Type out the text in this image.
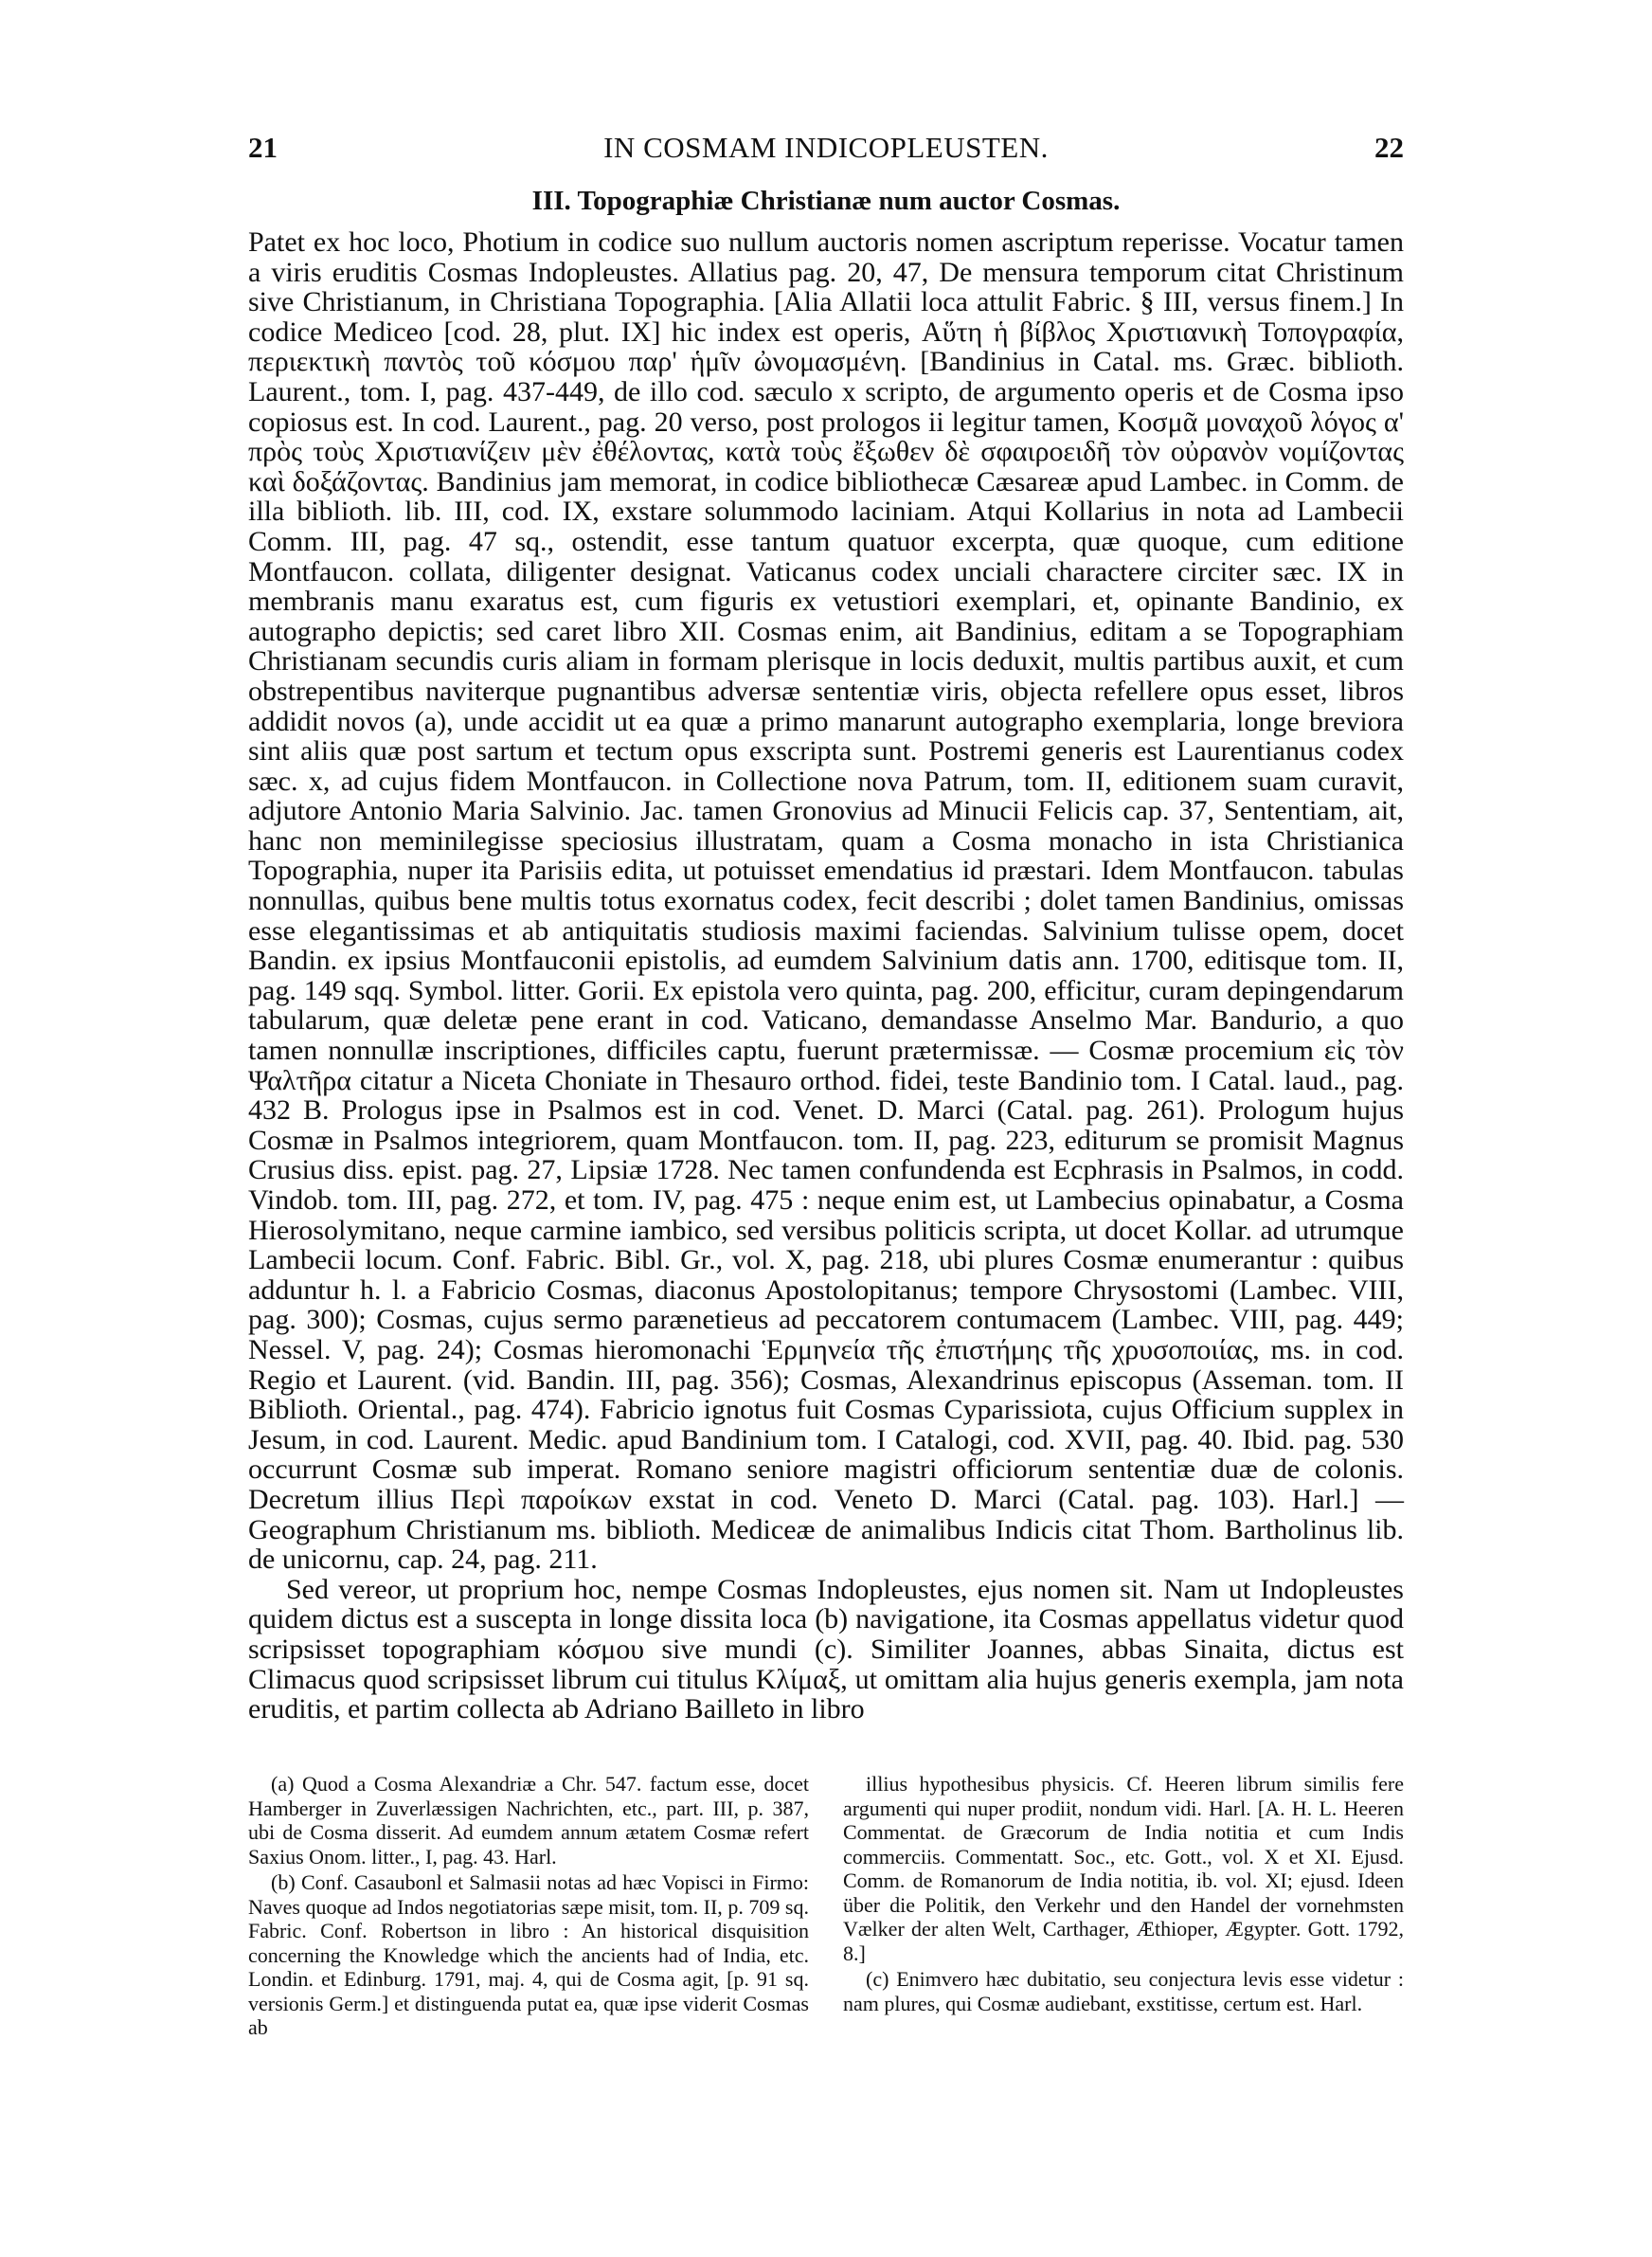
21	IN COSMAM INDICOPLEUSTEN.	22
III. Topographiæ Christianæ num auctor Cosmas.

Patet ex hoc loco, Photium in codice suo nullum auctoris nomen ascriptum reperisse. Vocatur tamen a viris eruditis Cosmas Indopleustes. Allatius pag. 20, 47, De mensura temporum citat Christinum sive Christianum, in Christiana Topographia. [Alia Allatii loca attulit Fabric. § III, versus finem.] In codice Mediceo [cod. 28, plut. IX] hic index est operis, Αὕτη ἡ βίβλος Χριστιανικὴ Τοπογραφία, περιεκτικὴ παντὸς τοῦ κόσμου παρ' ἡμῖν ὠνομασμένη. [Bandinius in Catal. ms. Græc. biblioth. Laurent., tom. I, pag. 437-449, de illo cod. sæculo x scripto, de argumento operis et de Cosma ipso copiosus est. In cod. Laurent., pag. 20 verso, post prologos ii legitur tamen, Κοσμᾶ μοναχοῦ λόγος α' πρὸς τοὺς Χριστιανίζειν μὲν ἐθέλοντας, κατὰ τοὺς ἔξωθεν δὲ σφαιροειδῆ τὸν οὐρανὸν νομίζοντας καὶ δοξάζοντας. Bandinius jam memorat, in codice bibliothecæ Cæsareæ apud Lambec. in Comm. de illa biblioth. lib. III, cod. IX, exstare solummodo laciniam. Atqui Kollarius in nota ad Lambecii Comm. III, pag. 47 sq., ostendit, esse tantum quatuor excerpta, quæ quoque, cum editione Montfaucon. collata, diligenter designat. Vaticanus codex unciali charactere circiter sæc. IX in membranis manu exaratus est, cum figuris ex vetustiori exemplari, et, opinante Bandinio, ex autographo depictis; sed caret libro XII. Cosmas enim, ait Bandinius, editam a se Topographiam Christianam secundis curis aliam in formam plerisque in locis deduxit, multis partibus auxit, et cum obstrepentibus naviterque pugnantibus adversæ sententiæ viris, objecta refellere opus esset, libros addidit novos (a), unde accidit ut ea quæ a primo manarunt autographo exemplaria, longe breviora sint aliis quæ post sartum et tectum opus exscripta sunt. Postremi generis est Laurentianus codex sæc. x, ad cujus fidem Montfaucon. in Collectione nova Patrum, tom. II, editionem suam curavit, adjutore Antonio Maria Salvinio. Jac. tamen Gronovius ad Minucii Felicis cap. 37, Sententiam, ait, hanc non meminilegisse speciosius illustratam, quam a Cosma monacho in ista Christianica Topographia, nuper ita Parisiis edita, ut potuisset emendatius id præstari. Idem Montfaucon. tabulas nonnullas, quibus bene multis totus exornatus codex, fecit describi ; dolet tamen Bandinius, omissas esse elegantissimas et ab antiquitatis studiosis maximi faciendas. Salvinium tulisse opem, docet Bandin. ex ipsius Montfauconii epistolis, ad eumdem Salvinium datis ann. 1700, editisque tom. II, pag. 149 sqq. Symbol. litter. Gorii. Ex epistola vero quinta, pag. 200, efficitur, curam depingendarum tabularum, quæ deletæ pene erant in cod. Vaticano, demandasse Anselmo Mar. Bandurio, a quo tamen nonnullæ inscriptiones, difficiles captu, fuerunt prætermissæ. — Cosmæ procemium εἰς τὸν Ψαλτῆρα citatur a Niceta Choniate in Thesauro orthod. fidei, teste Bandinio tom. I Catal. laud., pag. 432 B. Prologus ipse in Psalmos est in cod. Venet. D. Marci (Catal. pag. 261). Prologum hujus Cosmæ in Psalmos integriorem, quam Montfaucon. tom. II, pag. 223, editurum se promisit Magnus Crusius diss. epist. pag. 27, Lipsiæ 1728. Nec tamen confundenda est Ecphrasis in Psalmos, in codd. Vindob. tom. III, pag. 272, et tom. IV, pag. 475 : neque enim est, ut Lambecius opinabatur, a Cosma Hierosolymitano, neque carmine iambico, sed versibus politicis scripta, ut docet Kollar. ad utrumque Lambecii locum. Conf. Fabric. Bibl. Gr., vol. X, pag. 218, ubi plures Cosmæ enumerantur : quibus adduntur h. l. a Fabricio Cosmas, diaconus Apostolopitanus; tempore Chrysostomi (Lambec. VIII, pag. 300); Cosmas, cujus sermo parænetieus ad peccatorem contumacem (Lambec. VIII, pag. 449; Nessel. V, pag. 24); Cosmas hieromonachi Ἑρμηνεία τῆς ἐπιστήμης τῆς χρυσοποιίας, ms. in cod. Regio et Laurent. (vid. Bandin. III, pag. 356); Cosmas, Alexandrinus episcopus (Asseman. tom. II Biblioth. Oriental., pag. 474). Fabricio ignotus fuit Cosmas Cyparissiota, cujus Officium supplex in Jesum, in cod. Laurent. Medic. apud Bandinium tom. I Catalogi, cod. XVII, pag. 40. Ibid. pag. 530 occurrunt Cosmæ sub imperat. Romano seniore magistri officiorum sententiæ duæ de colonis. Decretum illius Περὶ παροίκων exstat in cod. Veneto D. Marci (Catal. pag. 103). Harl.] — Geographum Christianum ms. biblioth. Mediceæ de animalibus Indicis citat Thom. Bartholinus lib. de unicornu, cap. 24, pag. 211.

Sed vereor, ut proprium hoc, nempe Cosmas Indopleustes, ejus nomen sit. Nam ut Indopleustes quidem dictus est a suscepta in longe dissita loca (b) navigatione, ita Cosmas appellatus videtur quod scripsisset topographiam κόσμου sive mundi (c). Similiter Joannes, abbas Sinaita, dictus est Climacus quod scripsisset librum cui titulus Κλίμαξ, ut omittam alia hujus generis exempla, jam nota eruditis, et partim collecta ab Adriano Bailleto in libro

(a) Quod a Cosma Alexandriæ a Chr. 547. factum esse, docet Hamberger in Zuverlæssigen Nachrichten, etc., part. III, p. 387, ubi de Cosma disserit. Ad eumdem annum ætatem Cosmæ refert Saxius Onom. litter., I, pag. 43. Harl.

(b) Conf. Casaubonl et Salmasii notas ad hæc Vopisci in Firmo: Naves quoque ad Indos negotiatorias sæpe misit, tom. II, p. 709 sq. Fabric. Conf. Robertson in libro : An historical disquisition concerning the Knowledge which the ancients had of India, etc. Londin. et Edinburg. 1791, maj. 4, qui de Cosma agit, [p. 91 sq. versionis Germ.] et distinguenda putat ea, quæ ipse viderit Cosmas ab

illius hypothesibus physicis. Cf. Heeren librum similis fere argumenti qui nuper prodiit, nondum vidi. Harl. [A. H. L. Heeren Commentat. de Græcorum de India notitia et cum Indis commerciis. Commentatt. Soc., etc. Gott., vol. X et XI. Ejusd. Comm. de Romanorum de India notitia, ib. vol. XI; ejusd. Ideen über die Politik, den Verkehr und den Handel der vornehmsten Vælker der alten Welt, Carthager, Æthioper, Ægypter. Gott. 1792, 8.]

(c) Enimvero hæc dubitatio, seu conjectura levis esse videtur : nam plures, qui Cosmæ audiebant, exstitisse, certum est. Harl.
